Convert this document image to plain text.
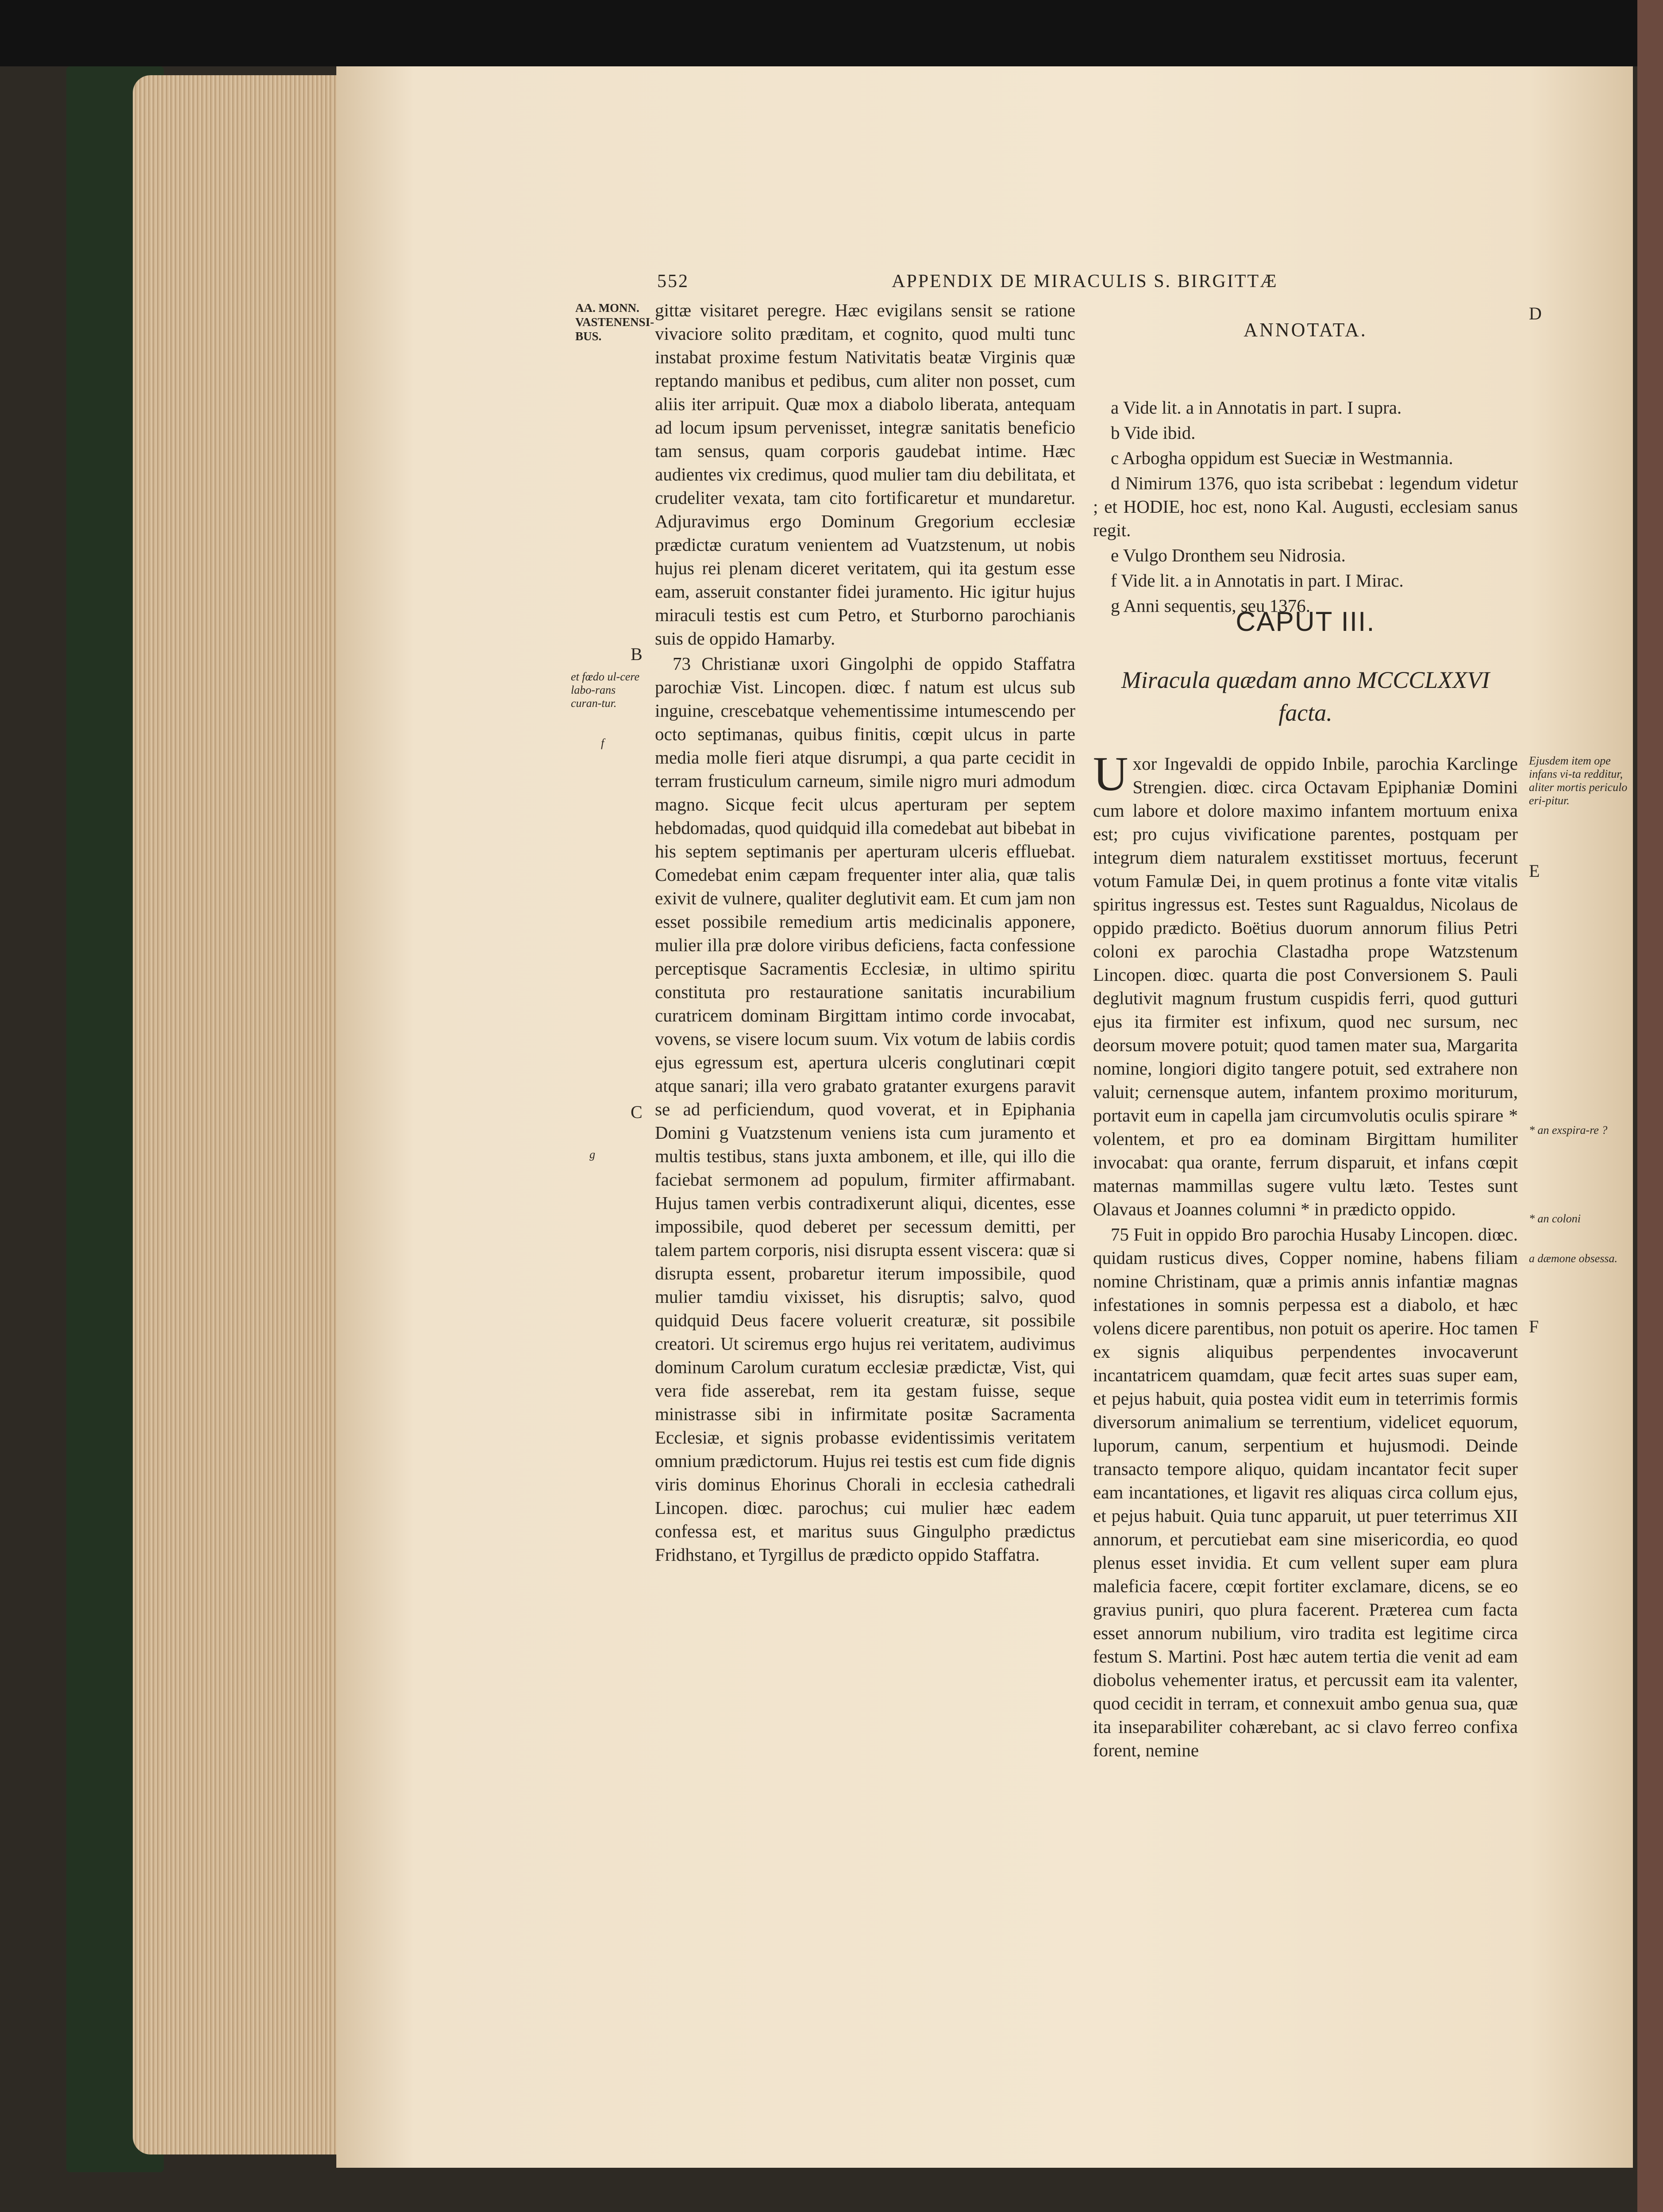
552	APPENDIX DE MIRACULIS S. BIRGITTÆ
AA. MONN. VASTENENSI-BUS.
B
et fœdo ul-cere labo-rans curan-tur.
f
C
g
D
Ejusdem item ope infans vi-ta redditur, aliter mortis periculo eri-pitur.
E
* an exspira-re ?
* an coloni
a dæmone obsessa.
F

gittæ visitaret peregre. Hæc evigilans sensit se ratione vivaciore solito præditam, et cognito, quod multi tunc instabat proxime festum Nativitatis beatæ Virginis quæ reptando manibus et pedibus, cum aliter non posset, cum aliis iter arripuit. Quæ mox a diabolo liberata, antequam ad locum ipsum pervenisset, integræ sanitatis beneficio tam sensus, quam corporis gaudebat intime. Hæc audientes vix credimus, quod mulier tam diu debilitata, et crudeliter vexata, tam cito fortificaretur et mundaretur. Adjuravimus ergo Dominum Gregorium ecclesiæ prædictæ curatum venientem ad Vuatzstenum, ut nobis hujus rei plenam diceret veritatem, qui ita gestum esse eam, asseruit constanter fidei juramento. Hic igitur hujus miraculi testis est cum Petro, et Sturborno parochianis suis de oppido Hamarby.

73 Christianæ uxori Gingolphi de oppido Staffatra parochiæ Vist. Lincopen. diœc. f natum est ulcus sub inguine, crescebatque vehementissime intumescendo per octo septimanas, quibus finitis, cœpit ulcus in parte media molle fieri atque disrumpi, a qua parte cecidit in terram frusticulum carneum, simile nigro muri admodum magno. Sicque fecit ulcus aperturam per septem hebdomadas, quod quidquid illa comedebat aut bibebat in his septem septimanis per aperturam ulceris effluebat. Comedebat enim cæpam frequenter inter alia, quæ talis exivit de vulnere, qualiter deglutivit eam. Et cum jam non esset possibile remedium artis medicinalis apponere, mulier illa præ dolore viribus deficiens, facta confessione perceptisque Sacramentis Ecclesiæ, in ultimo spiritu constituta pro restauratione sanitatis incurabilium curatricem dominam Birgittam intimo corde invocabat, vovens, se visere locum suum. Vix votum de labiis cordis ejus egressum est, apertura ulceris conglutinari cœpit atque sanari; illa vero grabato gratanter exurgens paravit se ad perficiendum, quod voverat, et in Epiphania Domini g Vuatzstenum veniens ista cum juramento et multis testibus, stans juxta ambonem, et ille, qui illo die faciebat sermonem ad populum, firmiter affirmabant. Hujus tamen verbis contradixerunt aliqui, dicentes, esse impossibile, quod deberet per secessum demitti, per talem partem corporis, nisi disrupta essent viscera: quæ si disrupta essent, probaretur iterum impossibile, quod mulier tamdiu vixisset, his disruptis; salvo, quod quidquid Deus facere voluerit creaturæ, sit possibile creatori. Ut sciremus ergo hujus rei veritatem, audivimus dominum Carolum curatum ecclesiæ prædictæ, Vist, qui vera fide asserebat, rem ita gestam fuisse, seque ministrasse sibi in infirmitate positæ Sacramenta Ecclesiæ, et signis probasse evidentissimis veritatem omnium prædictorum. Hujus rei testis est cum fide dignis viris dominus Ehorinus Chorali in ecclesia cathedrali Lincopen. diœc. parochus; cui mulier hæc eadem confessa est, et maritus suus Gingulpho prædictus Fridhstano, et Tyrgillus de prædicto oppido Staffatra.

ANNOTATA.

a Vide lit. a in Annotatis in part. I supra.

b Vide ibid.

c Arbogha oppidum est Sueciæ in Westmannia.

d Nimirum 1376, quo ista scribebat : legendum videtur ; et HODIE, hoc est, nono Kal. Augusti, ecclesiam sanus regit.

e Vulgo Dronthem seu Nidrosia.

f Vide lit. a in Annotatis in part. I Mirac.

g Anni sequentis, seu 1376.

CAPUT III.
Miracula quædam anno MCCCLXXVI facta.

U xor Ingevaldi de oppido Inbile, parochia Karclinge Strengien. diœc. circa Octavam Epiphaniæ Domini cum labore et dolore maximo infantem mortuum enixa est; pro cujus vivificatione parentes, postquam per integrum diem naturalem exstitisset mortuus, fecerunt votum Famulæ Dei, in quem protinus a fonte vitæ vitalis spiritus ingressus est. Testes sunt Ragualdus, Nicolaus de oppido prædicto. Boëtius duorum annorum filius Petri coloni ex parochia Clastadha prope Watzstenum Lincopen. diœc. quarta die post Conversionem S. Pauli deglutivit magnum frustum cuspidis ferri, quod gutturi ejus ita firmiter est infixum, quod nec sursum, nec deorsum movere potuit; quod tamen mater sua, Margarita nomine, longiori digito tangere potuit, sed extrahere non valuit; cernensque autem, infantem proximo moriturum, portavit eum in capella jam circumvolutis oculis spirare * volentem, et pro ea dominam Birgittam humiliter invocabat: qua orante, ferrum disparuit, et infans cœpit maternas mammillas sugere vultu læto. Testes sunt Olavaus et Joannes columni * in prædicto oppido.

75 Fuit in oppido Bro parochia Husaby Lincopen. diœc. quidam rusticus dives, Copper nomine, habens filiam nomine Christinam, quæ a primis annis infantiæ magnas infestationes in somnis perpessa est a diabolo, et hæc volens dicere parentibus, non potuit os aperire. Hoc tamen ex signis aliquibus perpendentes invocaverunt incantatricem quamdam, quæ fecit artes suas super eam, et pejus habuit, quia postea vidit eum in teterrimis formis diversorum animalium se terrentium, videlicet equorum, luporum, canum, serpentium et hujusmodi. Deinde transacto tempore aliquo, quidam incantator fecit super eam incantationes, et ligavit res aliquas circa collum ejus, et pejus habuit. Quia tunc apparuit, ut puer teterrimus XII annorum, et percutiebat eam sine misericordia, eo quod plenus esset invidia. Et cum vellent super eam plura maleficia facere, cœpit fortiter exclamare, dicens, se eo gravius puniri, quo plura facerent. Præterea cum facta esset annorum nubilium, viro tradita est legitime circa festum S. Martini. Post hæc autem tertia die venit ad eam diobolus vehementer iratus, et percussit eam ita valenter, quod cecidit in terram, et connexuit ambo genua sua, quæ ita inseparabiliter cohærebant, ac si clavo ferreo confixa forent, nemine
